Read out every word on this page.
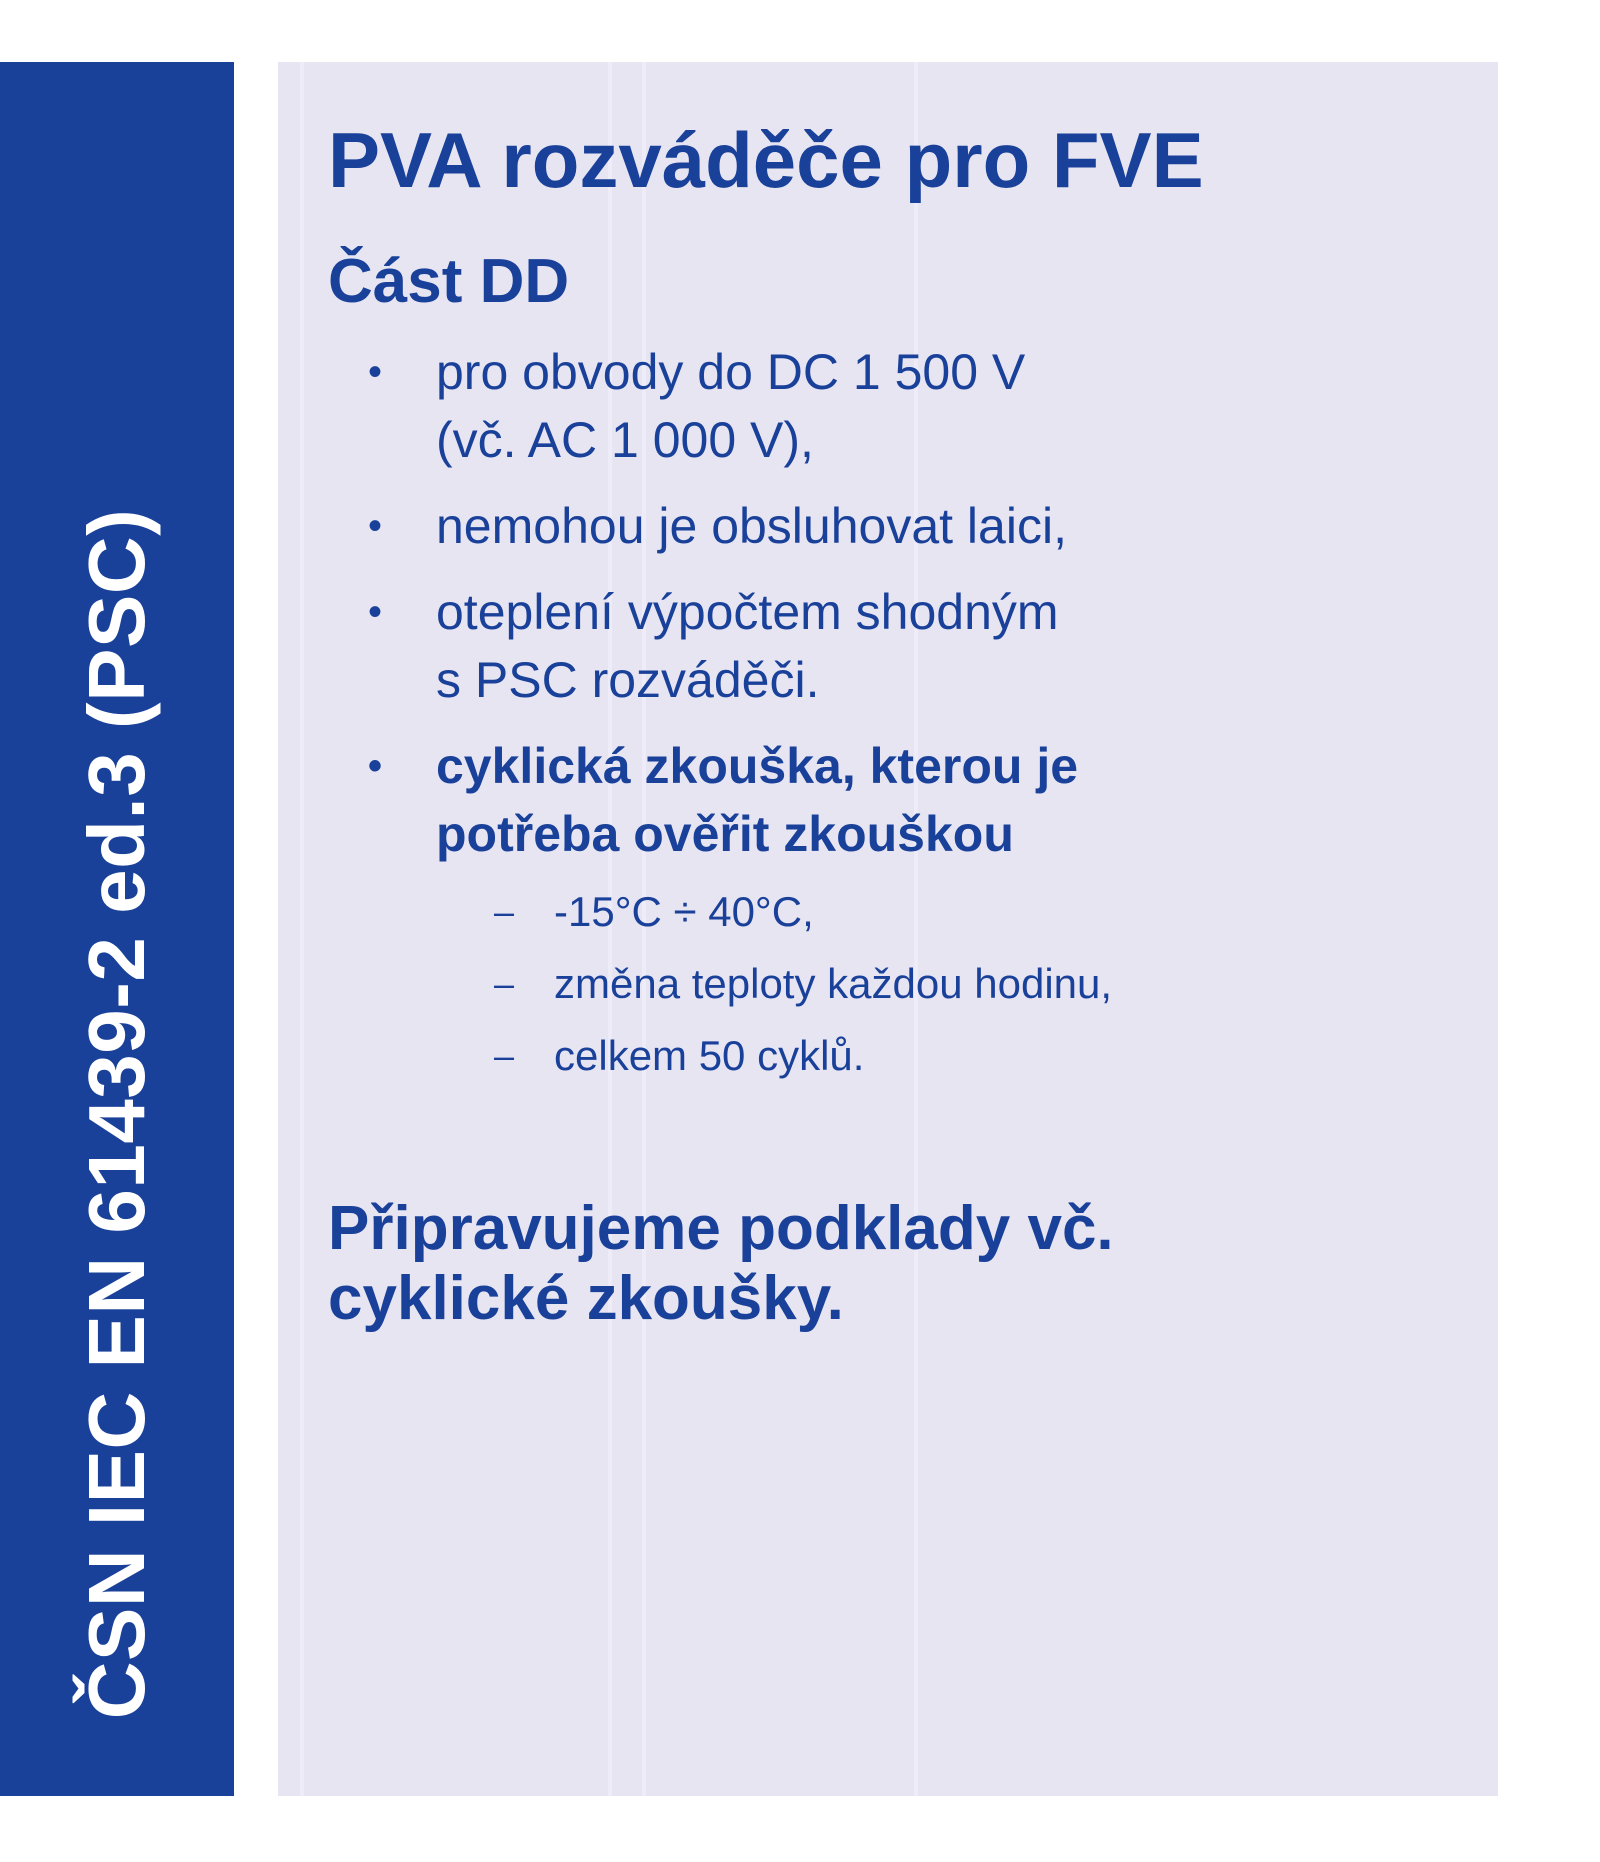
ČSN IEC EN 61439-2 ed.3 (PSC)
PVA rozváděče pro FVE
Část DD
• pro obvody do DC 1 500 V
(vč. AC 1 000 V),
• nemohou je obsluhovat laici,
• oteplení výpočtem shodným
s PSC rozváděči.
• cyklická zkouška, kterou je
potřeba ověřit zkouškou
– -15°C ÷ 40°C,
– změna teploty každou hodinu,
– celkem 50 cyklů.
Připravujeme podklady vč.
cyklické zkoušky.
